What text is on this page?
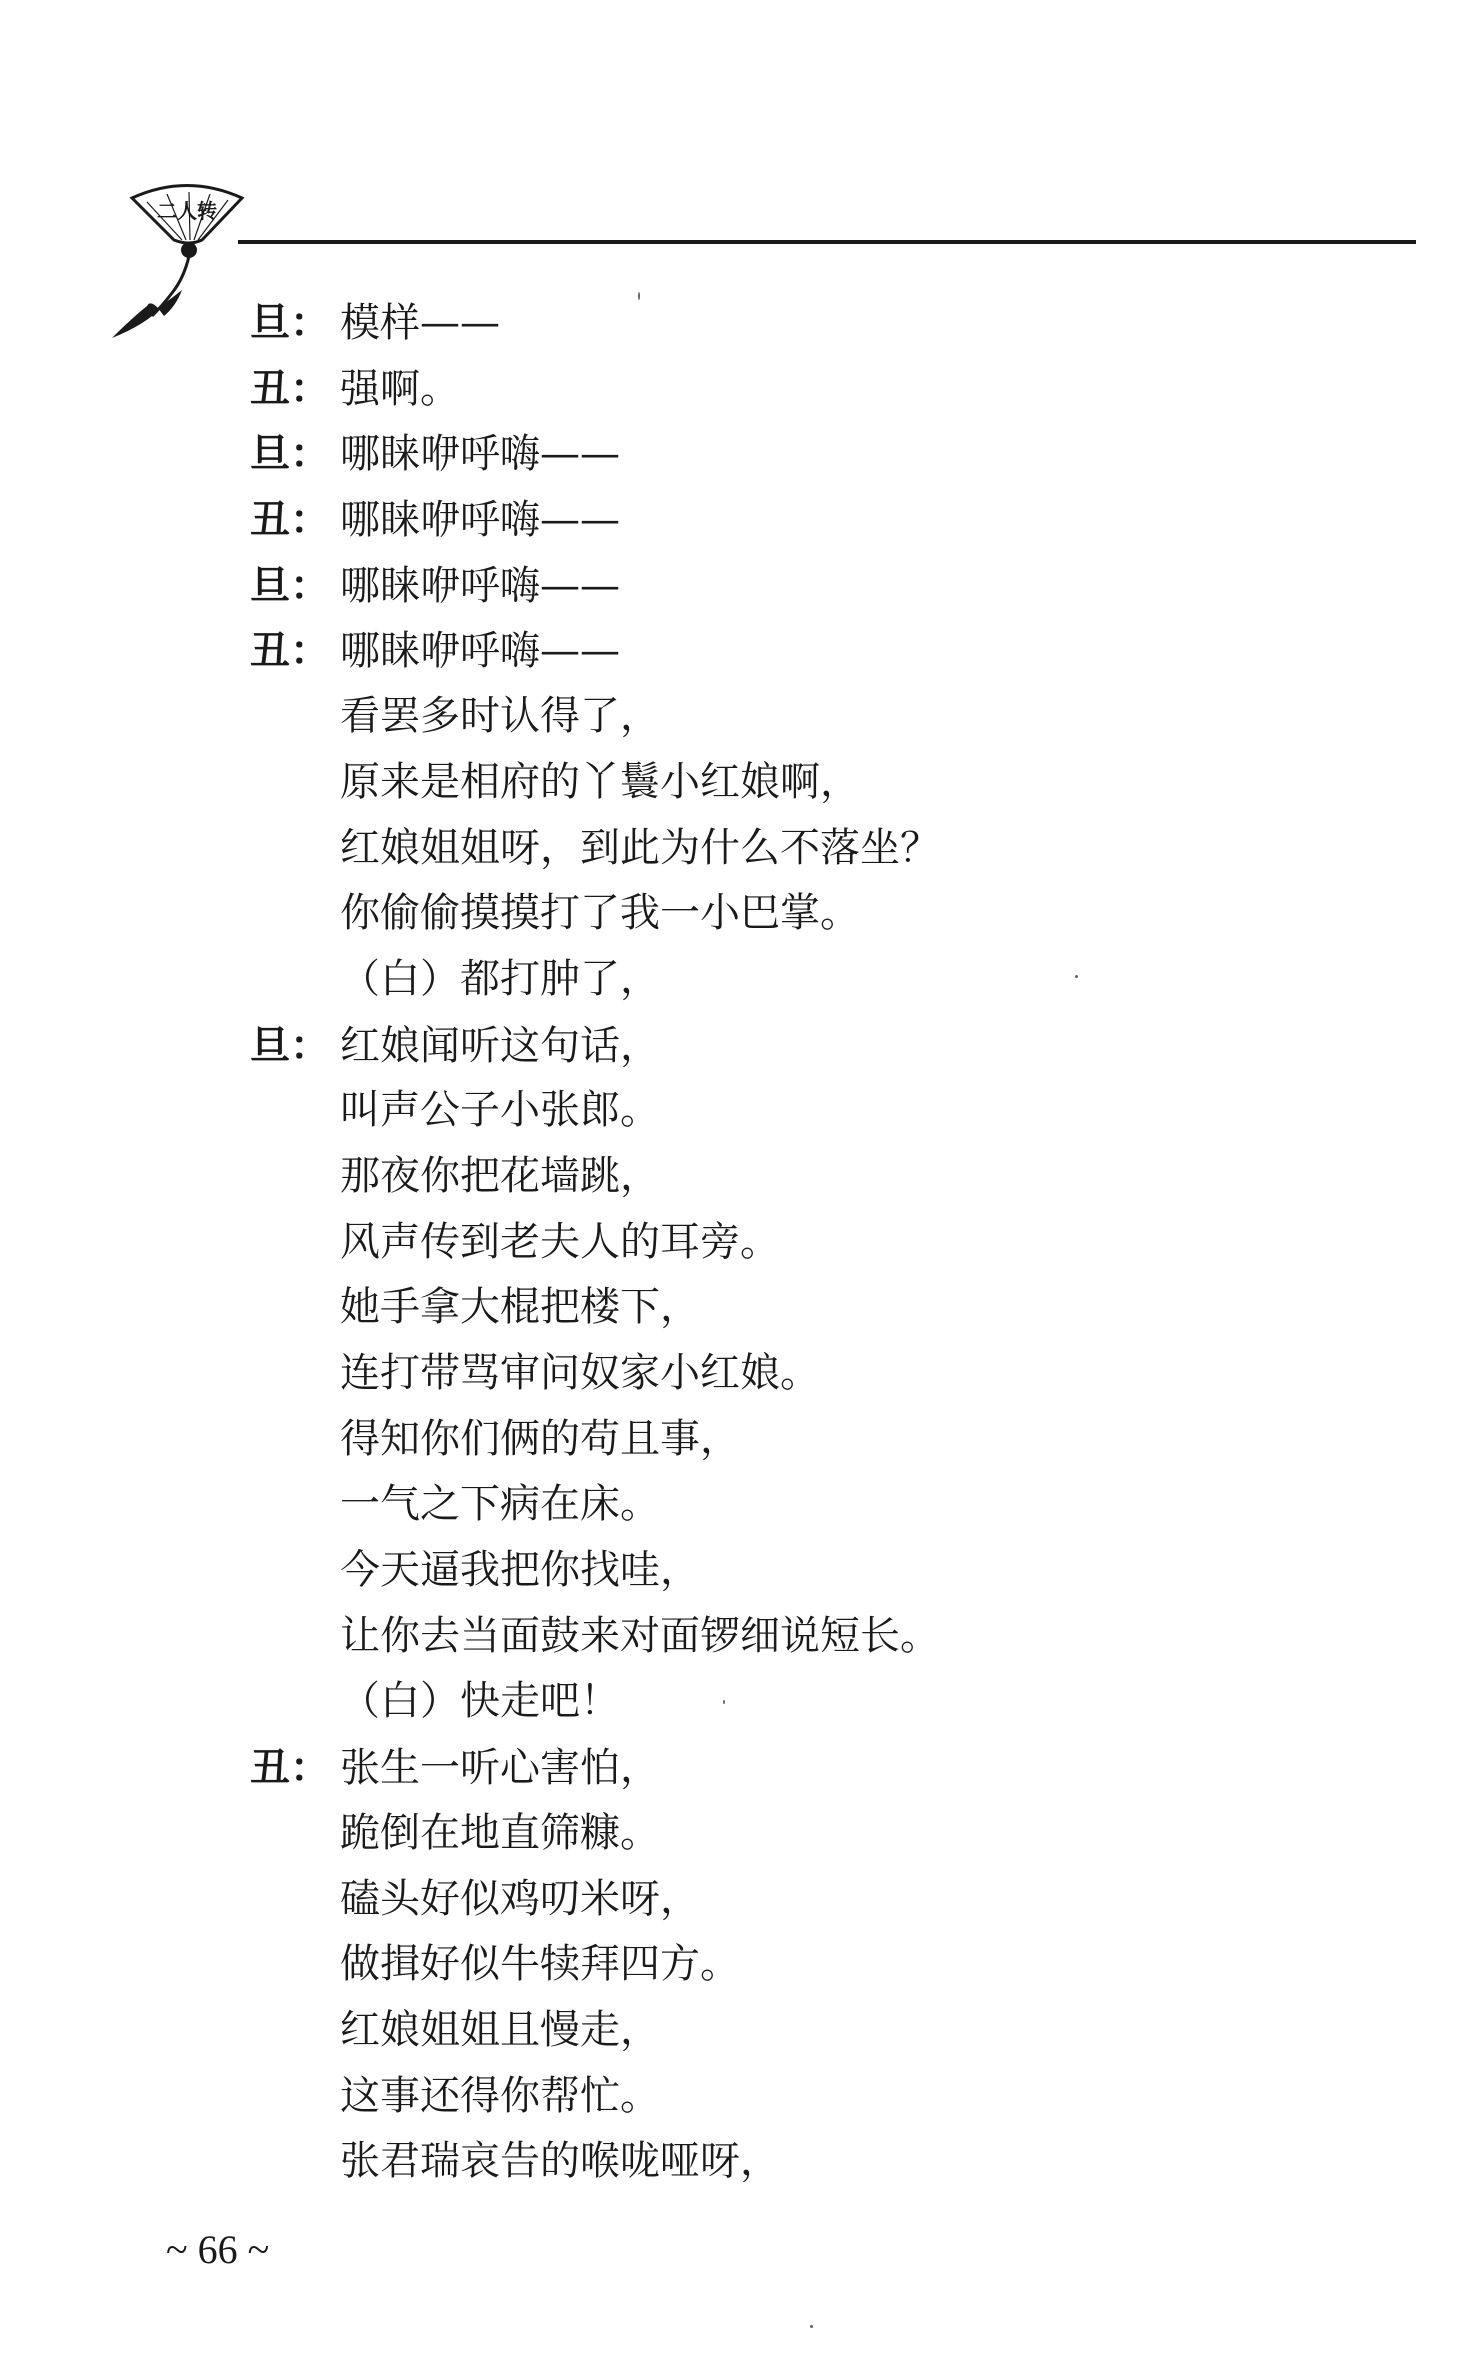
二人转
旦： 模样——
丑： 强啊。
旦： 哪睐咿呼嗨——
丑： 哪睐咿呼嗨——
旦： 哪睐咿呼嗨——
丑： 哪睐咿呼嗨——
看罢多时认得了，
原来是相府的丫鬟小红娘啊，
红娘姐姐呀，到此为什么不落坐？
你偷偷摸摸打了我一小巴掌。
（白）都打肿了，
旦： 红娘闻听这句话，
叫声公子小张郎。
那夜你把花墙跳，
风声传到老夫人的耳旁。
她手拿大棍把楼下，
连打带骂审问奴家小红娘。
得知你们俩的苟且事，
一气之下病在床。
今天逼我把你找哇，
让你去当面鼓来对面锣细说短长。
（白）快走吧！
丑： 张生一听心害怕，
跪倒在地直筛糠。
磕头好似鸡叨米呀，
做揖好似牛犊拜四方。
红娘姐姐且慢走，
这事还得你帮忙。
张君瑞哀告的喉咙哑呀，
~ 66 ~
